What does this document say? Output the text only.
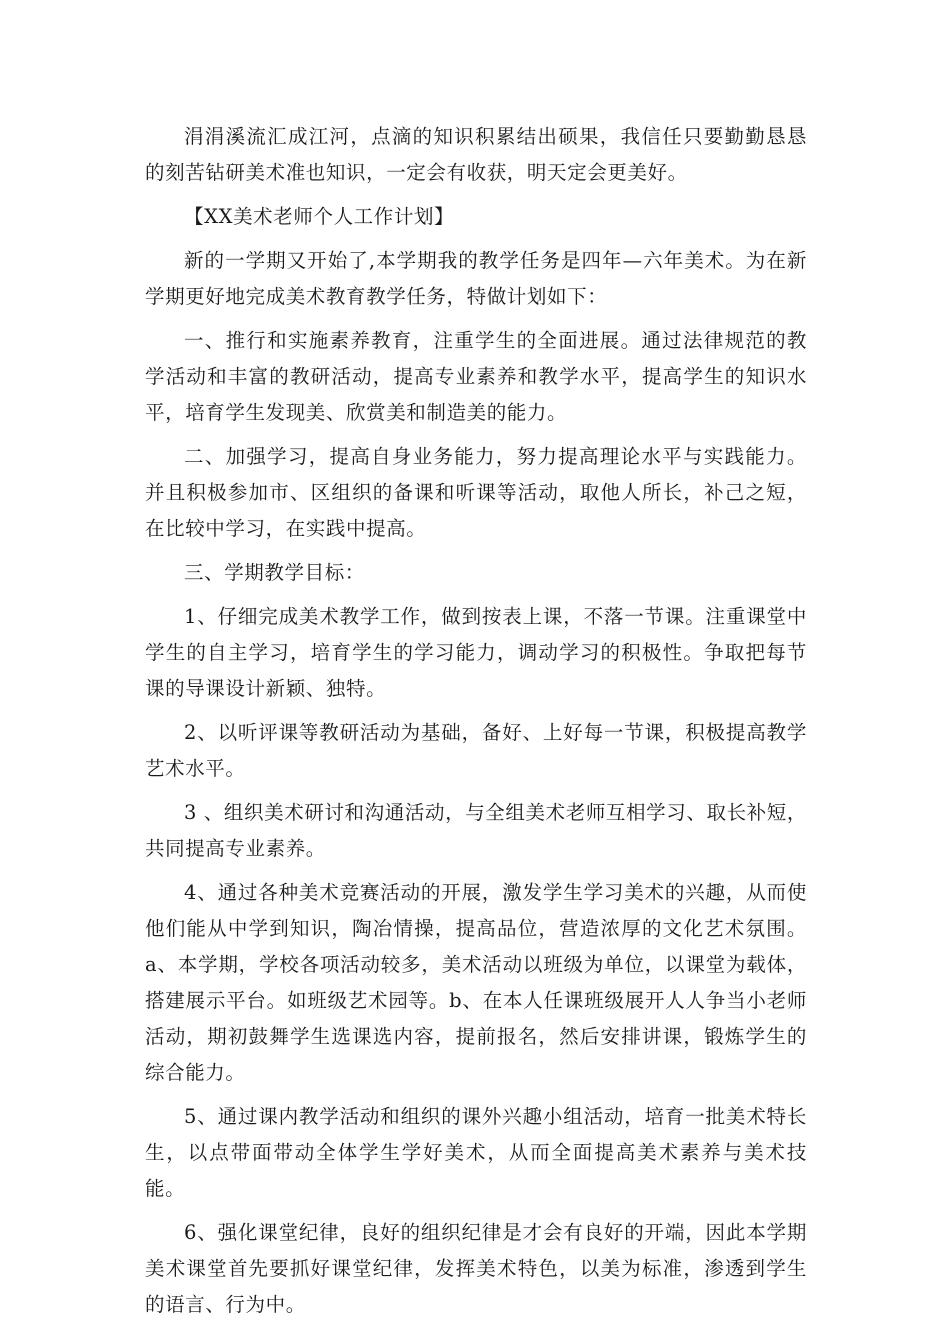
涓涓溪流汇成江河，点滴的知识积累结出硕果，我信任只要勤勤恳恳的刻苦钻研美术准也知识，一定会有收获，明天定会更美好。

【XX美术老师个人工作计划】

新的一学期又开始了,本学期我的教学任务是四年—六年美术。为在新学期更好地完成美术教育教学任务，特做计划如下：

一、推行和实施素养教育，注重学生的全面进展。通过法律规范的教学活动和丰富的教研活动，提高专业素养和教学水平，提高学生的知识水平，培育学生发现美、欣赏美和制造美的能力。

二、加强学习，提高自身业务能力，努力提高理论水平与实践能力。并且积极参加市、区组织的备课和听课等活动，取他人所长，补己之短，在比较中学习，在实践中提高。

三、学期教学目标：

1、仔细完成美术教学工作，做到按表上课，不落一节课。注重课堂中学生的自主学习，培育学生的学习能力，调动学习的积极性。争取把每节课的导课设计新颖、独特。

2、以听评课等教研活动为基础，备好、上好每一节课，积极提高教学艺术水平。

3 、组织美术研讨和沟通活动，与全组美术老师互相学习、取长补短，共同提高专业素养。

4、通过各种美术竞赛活动的开展，激发学生学习美术的兴趣，从而使他们能从中学到知识，陶冶情操，提高品位，营造浓厚的文化艺术氛围。a、本学期，学校各项活动较多，美术活动以班级为单位，以课堂为载体，搭建展示平台。如班级艺术园等。b、在本人任课班级展开人人争当小老师活动，期初鼓舞学生选课选内容，提前报名，然后安排讲课，锻炼学生的综合能力。

5、通过课内教学活动和组织的课外兴趣小组活动，培育一批美术特长生，以点带面带动全体学生学好美术，从而全面提高美术素养与美术技能。

6、强化课堂纪律，良好的组织纪律是才会有良好的开端，因此本学期美术课堂首先要抓好课堂纪律，发挥美术特色，以美为标准，渗透到学生的语言、行为中。
